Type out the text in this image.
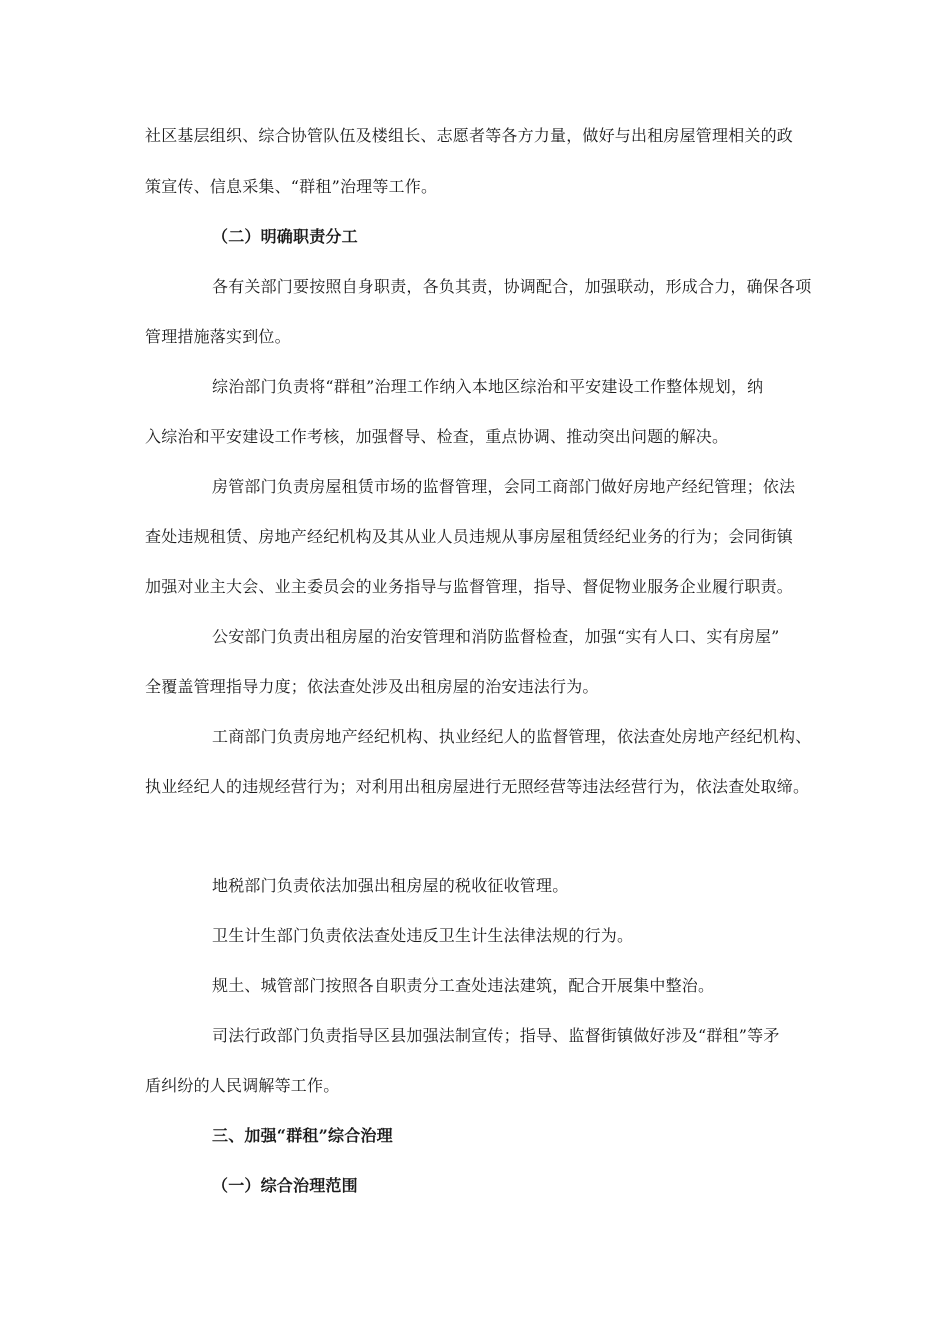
社区基层组织、综合协管队伍及楼组长、志愿者等各方力量，做好与出租房屋管理相关的政
策宣传、信息采集、“群租”治理等工作。
（二）明确职责分工
各有关部门要按照自身职责，各负其责，协调配合，加强联动，形成合力，确保各项
管理措施落实到位。
综治部门负责将“群租”治理工作纳入本地区综治和平安建设工作整体规划，纳
入综治和平安建设工作考核，加强督导、检查，重点协调、推动突出问题的解决。
房管部门负责房屋租赁市场的监督管理，会同工商部门做好房地产经纪管理；依法
查处违规租赁、房地产经纪机构及其从业人员违规从事房屋租赁经纪业务的行为；会同街镇
加强对业主大会、业主委员会的业务指导与监督管理，指导、督促物业服务企业履行职责。
公安部门负责出租房屋的治安管理和消防监督检查，加强“实有人口、实有房屋”
全覆盖管理指导力度；依法查处涉及出租房屋的治安违法行为。
工商部门负责房地产经纪机构、执业经纪人的监督管理，依法查处房地产经纪机构、
执业经纪人的违规经营行为；对利用出租房屋进行无照经营等违法经营行为，依法查处取缔。
地税部门负责依法加强出租房屋的税收征收管理。
卫生计生部门负责依法查处违反卫生计生法律法规的行为。
规土、城管部门按照各自职责分工查处违法建筑，配合开展集中整治。
司法行政部门负责指导区县加强法制宣传；指导、监督街镇做好涉及“群租”等矛
盾纠纷的人民调解等工作。
三、加强“群租”综合治理
（一）综合治理范围
